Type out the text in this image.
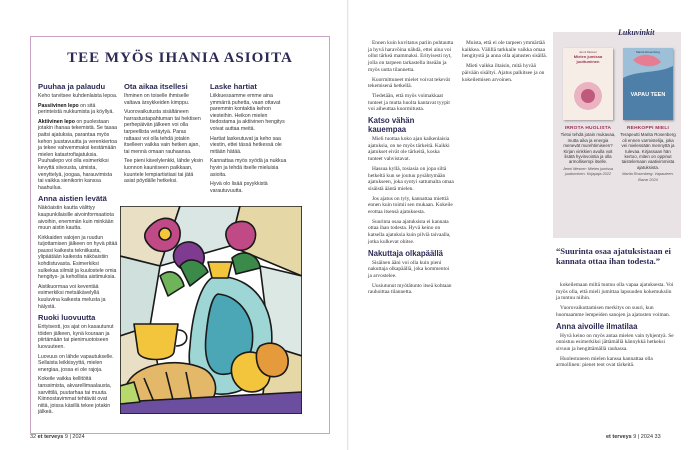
TEE MYÖS IHANIA ASIOITA
Puuhaa ja palaudu

Keho tarvitsee kuhdenlaista lepoa.

Passiivinen lepo on sitä perinteistä nukkumista ja köyllyä.

Aktiivinen lepo on puolestaan jotakin ihanaa tekemistä. Se tasaa paitsi ajatuksia, parantaa myös kehon juustavuutta ja verenkiertoa ja tekee vahvemmaksi kestämään mielen katastrofiajatuksia. Puuhailepo voi olla esimerkiksi kevyttä siivousta, uimista, venyttelyä, joogaa, harauvimista tai vaikka sienikorin kanssa haahuilua.

Anna aistien levätä

Näköaistin kautta välittyy kaupunkilaisille aivoinformaatiota aivoihin, enemmän kuin minkään muun aistin kautta.

Kirkkaiden valojen ja ruudun tuijottamisen jälkeen on hyvä pitää paussi kaikesta tekniikasta, ylipäätään kaikesta näköaistiin kohdistuvasta. Esimerkiksi sulkekaa silmät ja kuulostele omia hengitys- ja kehollisia aistimuksia.

Aistikuormaa voi keventää esimerkiksi metsäkävelyllä kuuluvina kaikesta melusta ja hälystä.

Ruoki luovuutta

Erityisesti, jos ajat on kasautunut töiden jälkeen, kynä kouraan ja piirtämään tai pienimuotoiseen luovuuteen.

Luovuus on lähde vapautukselle. Sellaista leikkisyyttä, mielen energiaa, jossa ei ole rajoja.

Kokeile vaikka kellitöitä tanssimista, akvarellimaalausta, sarvittilä, puutarhaa tai muuta. Kiinnostavimmat tehtävät ovat niitä, joissa käsillä tekee jotakin jälkeä.

Ota aikaa itsellesi

Ihminen on toiselle ihmiselle valtava ärsykkeiden kimppu.

Vuorovaikutusta sisältäneen harrastustapahtuman tai hektisen perhepäivän jälkeen voi olla tarpeellista vetäytyä. Paras rattaasi voi olla tehdä jotakin itselleen vaikka vain hetken ajan, tai mennä omaan rauhaansa.

Tee pieni kävelylenkki, lähde yksin luonnon kauniiseen paikkaan, kuuntele lempiartistiasi tai jätä asiat pöydälle hetkeksi.

Laske hartiat

Liikkuessamme emme aina ymmärrä puhetta, vaan ottavat paremmin kontaktia kehon viesteihin. Heikon mielen tiedostama ja aktiivinen hengitys voivat auttaa meitä.

Hartiat laskeutuvat ja keho saa viestin, ettei tässä hetkessä ole mitään hätää.

Kannattaa myös syödä ja nukkua hyvin ja tehdä itselle mieluisia asioita.

Hyvä olo lisää psyykkistä varautuvuutta.

32 et terveys 9 | 2024

Ennen kuin kuvitatus pariin puhtautta ja hyvä haravöina nähdä, ettei aina voi ollut tärkeä mammaksi. Erityisesti nyt, jolla on tarpeen tarkastella itseään ja myös uutta tilannetta.

Kuormittuneet mielet voivat tekevät tekemisenä hetkellä.

Tiedetään, että myös voimakkaat tunteet ja mutta huolta kantavat tyypit voi aiheuttaa kuormitusta.

Katso vähän kauempaa

Mieli tuottaa koko ajan kaikenlaisia ajatuksia, on ne myös tärkeitä. Kaikki ajatukset eivät ole tärkeitä, koska tunteet vahvistavat.

Hassua kyllä, tosiasia on jopa siltä hetkeltä kun se joutuu pysähtymään ajatukseen, joka syntyi sattumalta omaa sisäistä ääntä mielen.

Jos ajatus on tyly, kannattaa miettiä ennen kuin toimii sen mukaan. Kokeile erottaa itsensä ajatuksesta.

Suurinta osaa ajatuksista ei kannata ottaa ihan todesta. Hyvä keino on katsella ajatuksia kuin pilviä taivaalla, jotka kulkevat ohitse.

Nakuttaja olkapäällä

Sisäinen ääni voi olla kuin pieni nakuttaja olkapäällä, joka kommentoi ja arvostelee.

Uusiutunut myötätunto itseä kohtaan rauhoittaa tilannetta.

Muista, että ei ole tarpeen ymmärtää kaikkea. Välillä tarkkaile vaikka omaa hengitystä ja anna olla ajatusten sisällä.

Mieti vaikka iltaisin, mitä hyvää päivään sisältyi. Ajatus palkitsee ja on kokeilemisen arvoinen.

Lukuvinkit
Jenni Mesner
Mielen jumissa juuttuminen
Marita Rosenberg
VAPAU TEEN
IRROTA HUOLISTA
Tietoi tehdä jotain mukavaa, mutta aika ja energia menevät murehtimiseen? Kirjan vinkkien avulla voit lisätä hyvinvointia ja olla armollisempi itselle.
Jenni Mesner: Mielen jumissa juuttuminen. Kirjapaja 2022
REHKOPPI MIELI
Terapeutti Marita Rosenberg oli ennen varmistelija, joka vei mielessään mennyttä ja tulevaa. Kirjassaan hän kertoo, miten on oppinut taistelemaan vaativimmista ajatuksista.
Marita Rosenberg: Vapauteen. Bazar 2024
“Suurinta osaa ajatuksistaan ei kannata ottaa ihan todesta.”

kokeilemaan miltä tuntuu olla vapaa ajatuksesta. Voi myös olla, että mieli jumittaa lapsuuden kokemuksiin ja tuntuu niihin.

Vuorovaikuttamisen merkitys on suuri, kun huomaamme lempeiden sanojen ja ajatusten voiman.

Anna aivoille ilmatilaa

Hyvä keino on myös antaa mielen vain tyhjentyä. Se onnistuu esimerkiksi jättämällä kännykkä hetkeksi sivuun ja hengittämällä rauhassa.

Huolestuneen mielen kanssa kannattaa olla armollinen: pienet teot ovat tärkeitä.

et terveys 9 | 2024 33
